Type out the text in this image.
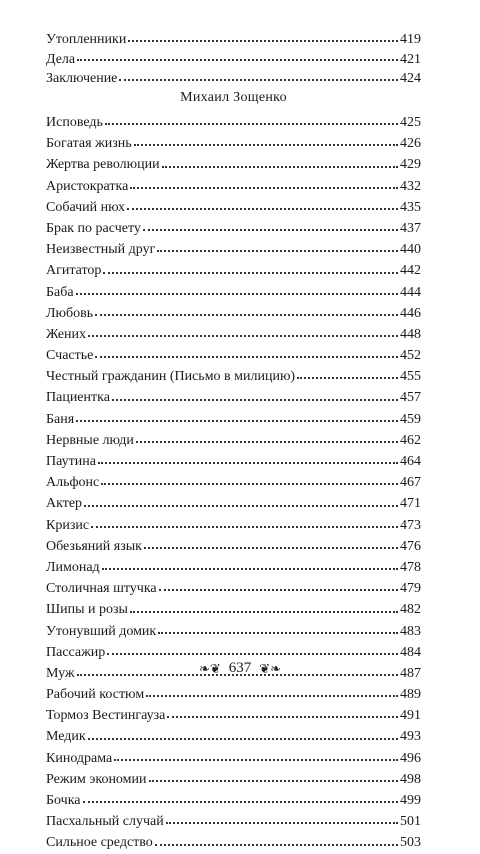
Утопленники	419
Дела	421
Заключение	424
Михаил Зощенко
Исповедь	425
Богатая жизнь	426
Жертва революции	429
Аристократка	432
Собачий нюх	435
Брак по расчету	437
Неизвестный друг	440
Агитатор	442
Баба	444
Любовь	446
Жених	448
Счастье	452
Честный гражданин (Письмо в милицию)	455
Пациентка	457
Баня	459
Нервные люди	462
Паутина	464
Альфонс	467
Актер	471
Кризис	473
Обезьяний язык	476
Лимонад	478
Столичная штучка	479
Шипы и розы	482
Утонувший домик	483
Пассажир	484
Муж	487
Рабочий костюм	489
Тормоз Вестингауза	491
Медик	493
Кинодрама	496
Режим экономии	498
Бочка	499
Пасхальный случай	501
Сильное средство	503
❧❦ 637 ❦❧
